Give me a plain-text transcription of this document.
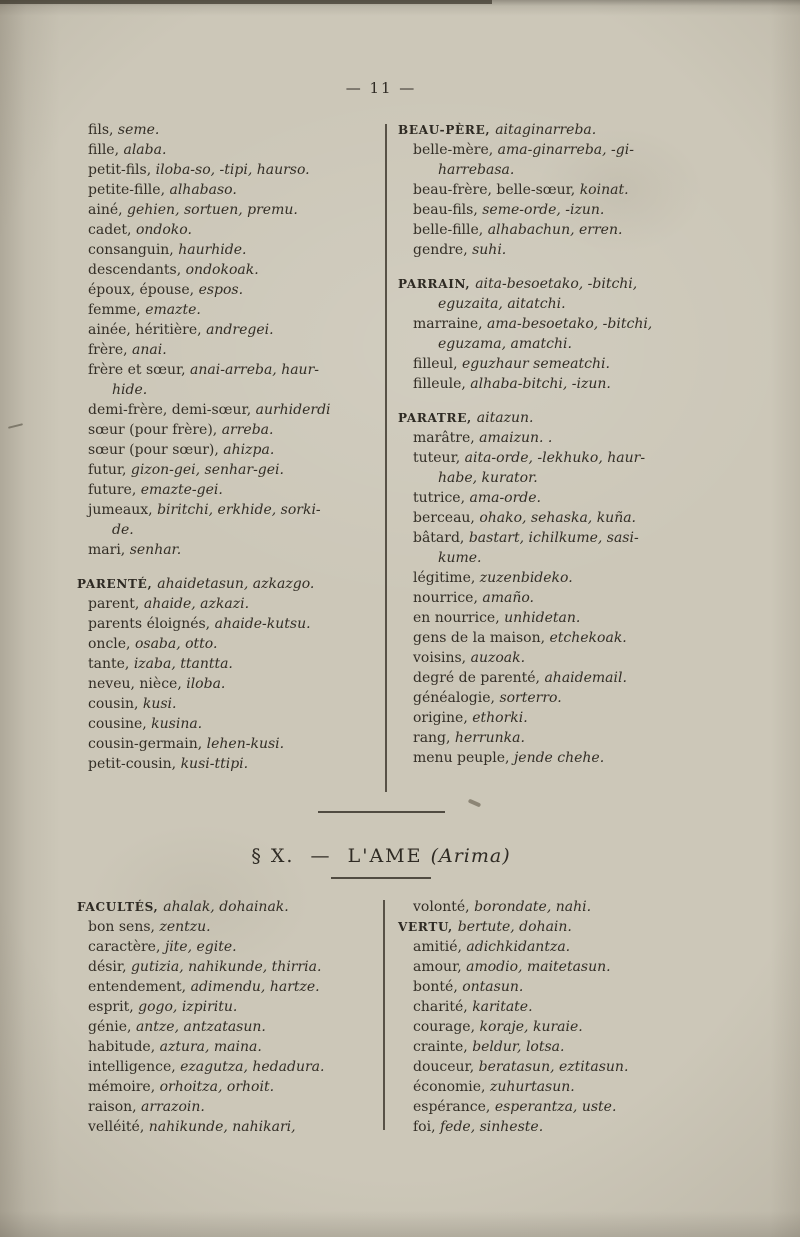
— 11 —
fils, seme.
fille, alaba.
petit-fils, iloba-so, -tipi, haurso.
petite-fille, alhabaso.
ainé, gehien, sortuen, premu.
cadet, ondoko.
consanguin, haurhide.
descendants, ondokoak.
époux, épouse, espos.
femme, emazte.
ainée, héritière, andregei.
frère, anai.
frère et sœur, anai-arreba, haur-
hide.
demi-frère, demi-sœur, aurhiderdi
sœur (pour frère), arreba.
sœur (pour sœur), ahizpa.
futur, gizon-gei, senhar-gei.
future, emazte-gei.
jumeaux, biritchi, erkhide, sorki-
de.
mari, senhar.
PARENTÉ, ahaidetasun, azkazgo.
parent, ahaide, azkazi.
parents éloignés, ahaide-kutsu.
oncle, osaba, otto.
tante, izaba, ttantta.
neveu, nièce, iloba.
cousin, kusi.
cousine, kusina.
cousin-germain, lehen-kusi.
petit-cousin, kusi-ttipi.
BEAU-PÈRE, aitaginarreba.
belle-mère, ama-ginarreba, -gi-
harrebasa.
beau-frère, belle-sœur, koinat.
beau-fils, seme-orde, -izun.
belle-fille, alhabachun, erren.
gendre, suhi.
PARRAIN, aita-besoetako, -bitchi,
eguzaita, aitatchi.
marraine, ama-besoetako, -bitchi,
eguzama, amatchi.
filleul, eguzhaur semeatchi.
filleule, alhaba-bitchi, -izun.
PARATRE, aitazun.
marâtre, amaizun. .
tuteur, aita-orde, -lekhuko, haur-
habe, kurator.
tutrice, ama-orde.
berceau, ohako, sehaska, kuña.
bâtard, bastart, ichilkume, sasi-
kume.
légitime, zuzenbideko.
nourrice, amaño.
en nourrice, unhidetan.
gens de la maison, etchekoak.
voisins, auzoak.
degré de parenté, ahaidemail.
généalogie, sorterro.
origine, ethorki.
rang, herrunka.
menu peuple, jende chehe.
§ X.  —  L'AME (Arima)
FACULTÉS, ahalak, dohainak.
bon sens, zentzu.
caractère, jite, egite.
désir, gutizia, nahikunde, thirria.
entendement, adimendu, hartze.
esprit, gogo, izpiritu.
génie, antze, antzatasun.
habitude, aztura, maina.
intelligence, ezagutza, hedadura.
mémoire, orhoitza, orhoit.
raison, arrazoin.
velléité, nahikunde, nahikari,
volonté, borondate, nahi.
VERTU, bertute, dohain.
amitié, adichkidantza.
amour, amodio, maitetasun.
bonté, ontasun.
charité, karitate.
courage, koraje, kuraie.
crainte, beldur, lotsa.
douceur, beratasun, eztitasun.
économie, zuhurtasun.
espérance, esperantza, uste.
foi, fede, sinheste.
